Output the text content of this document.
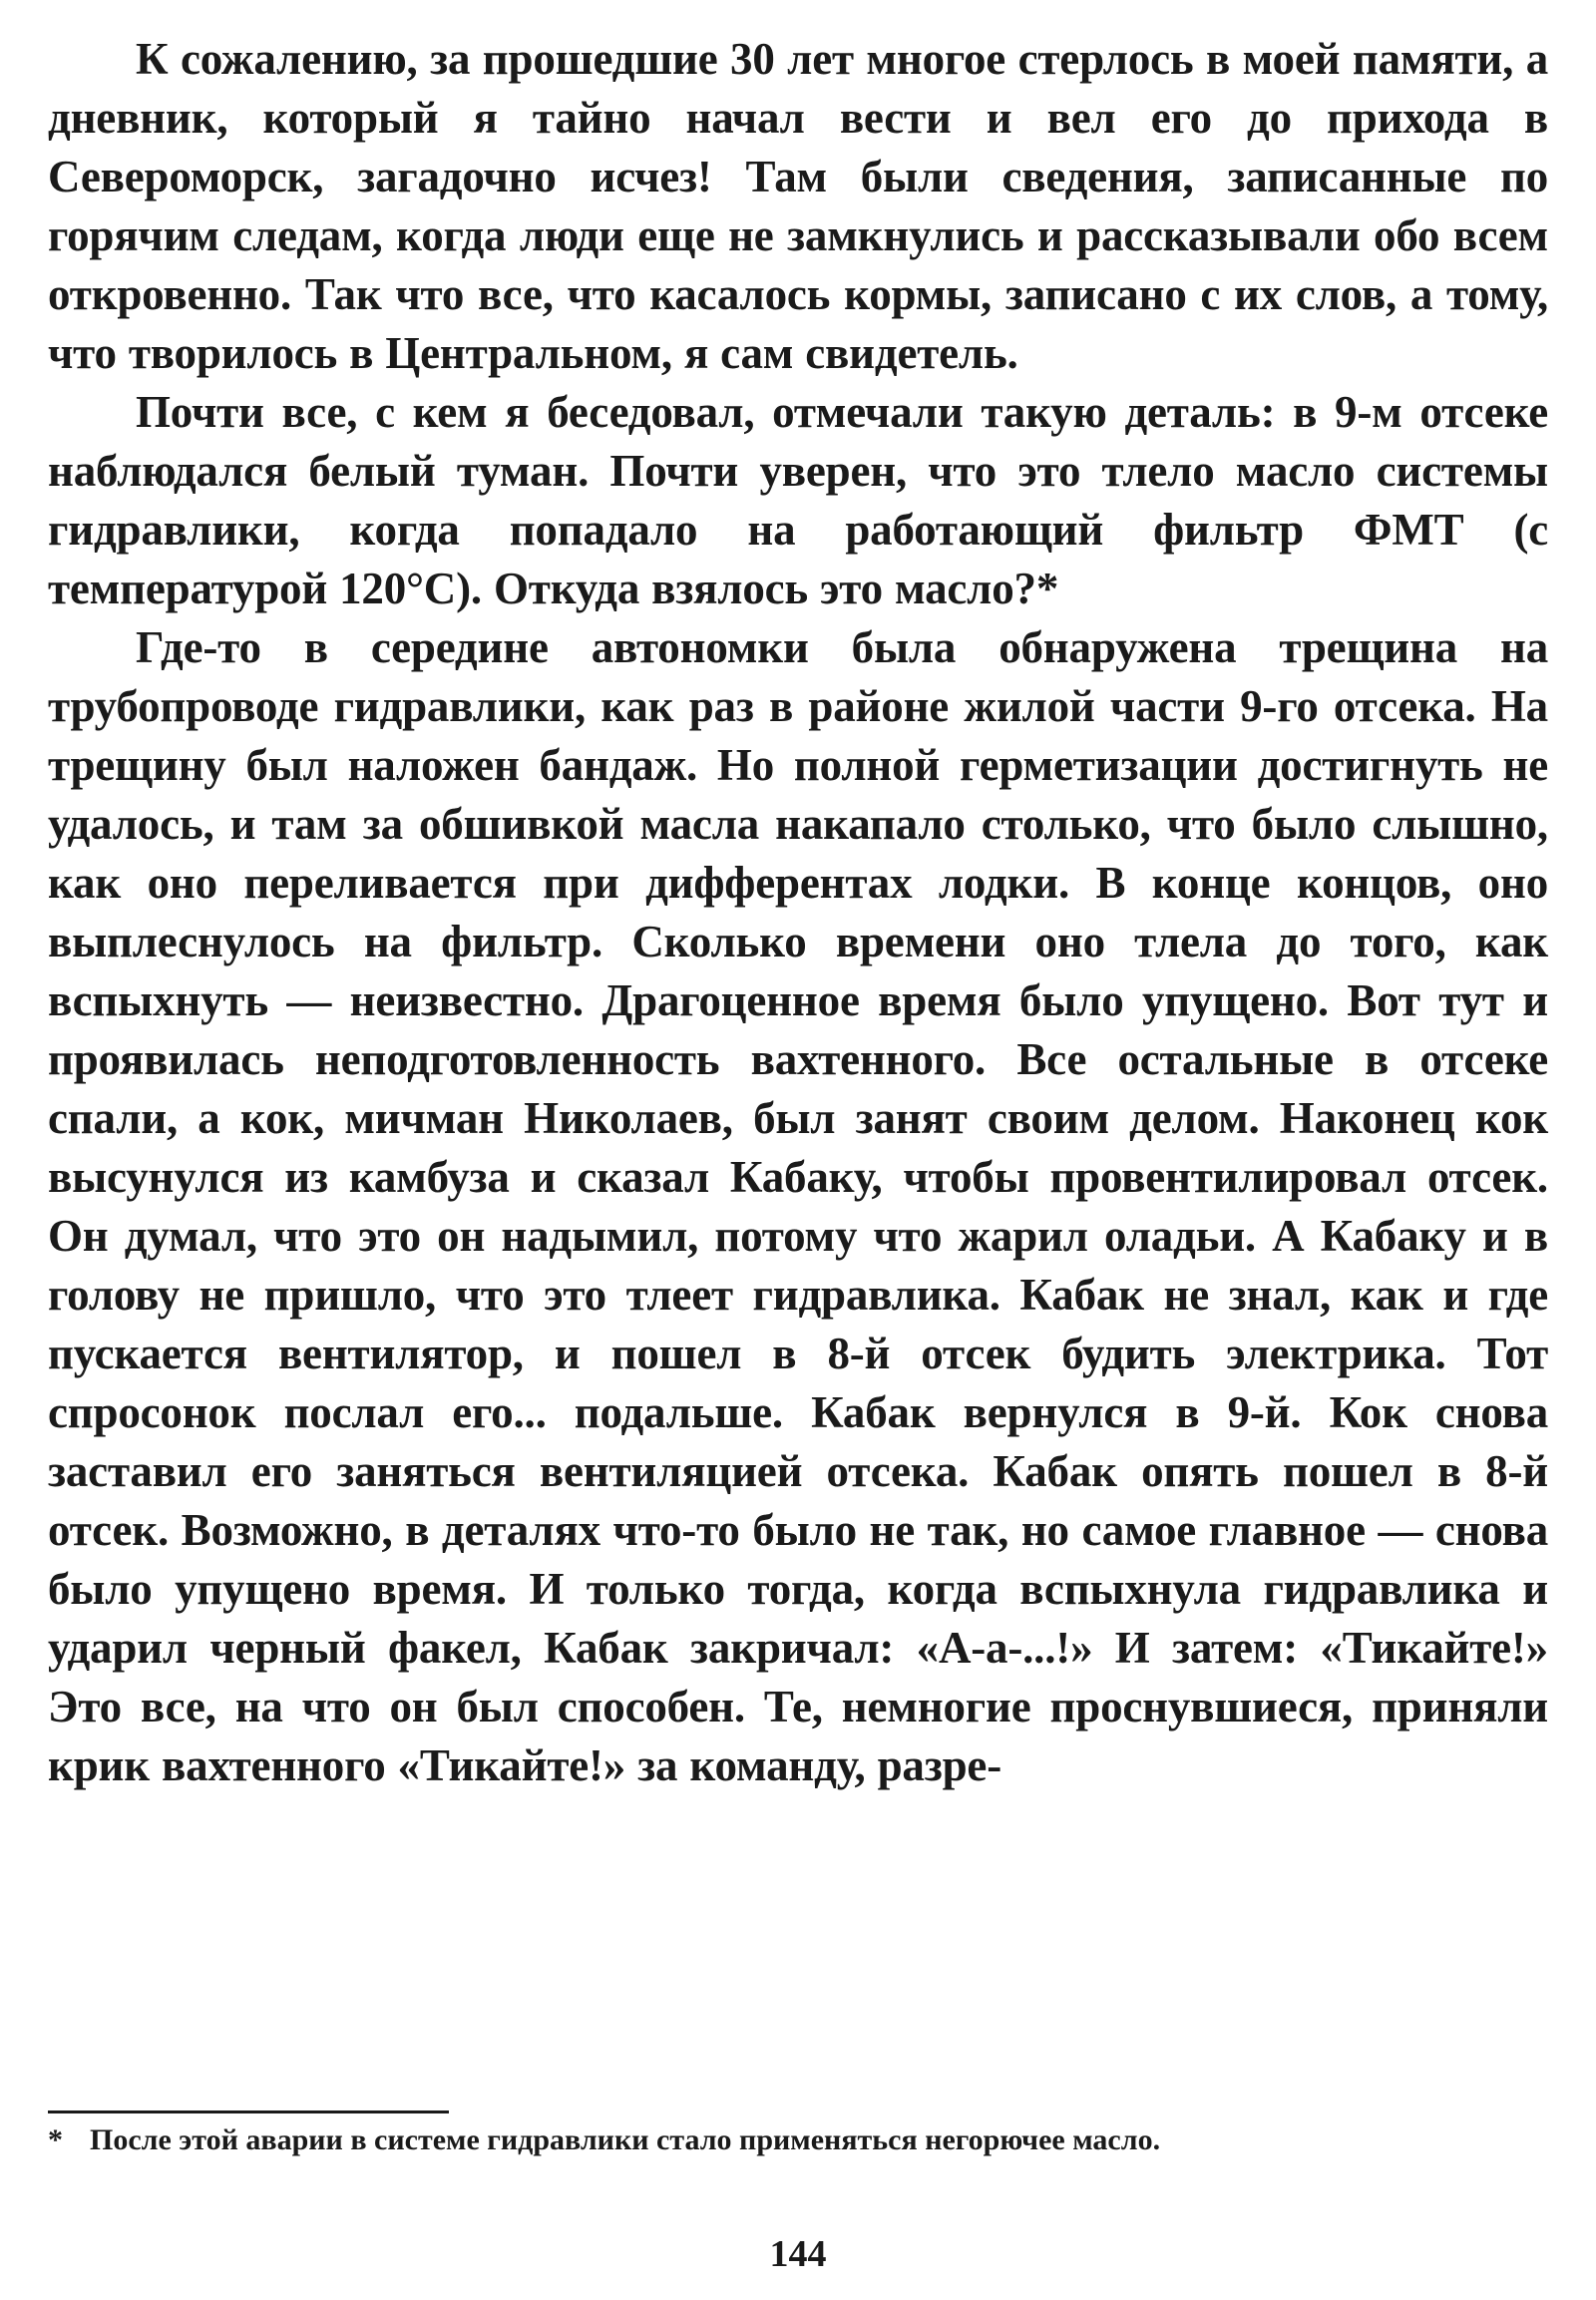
К сожалению, за прошедшие 30 лет многое стерлось в моей памяти, а дневник, который я тайно начал вести и вел его до прихода в Североморск, загадочно исчез! Там были сведения, записанные по горячим следам, когда люди еще не замкнулись и рассказывали обо всем откровенно. Так что все, что касалось кормы, записано с их слов, а тому, что творилось в Центральном, я сам свидетель.

Почти все, с кем я беседовал, отмечали такую деталь: в 9-м отсеке наблюдался белый туман. Почти уверен, что это тлело масло системы гидравлики, когда попадало на работающий фильтр ФМТ (с температурой 120°С). Откуда взялось это масло?*

Где-то в середине автономки была обнаружена трещина на трубопроводе гидравлики, как раз в районе жилой части 9-го отсека. На трещину был наложен бандаж. Но полной герметизации достигнуть не удалось, и там за обшивкой масла накапало столько, что было слышно, как оно переливается при дифферентах лодки. В конце концов, оно выплеснулось на фильтр. Сколько времени оно тлела до того, как вспыхнуть — неизвестно. Драгоценное время было упущено. Вот тут и проявилась неподготовленность вахтенного. Все остальные в отсеке спали, а кок, мичман Николаев, был занят своим делом. Наконец кок высунулся из камбуза и сказал Кабаку, чтобы провентилировал отсек. Он думал, что это он надымил, потому что жарил оладьи. А Кабаку и в голову не пришло, что это тлеет гидравлика. Кабак не знал, как и где пускается вентилятор, и пошел в 8-й отсек будить электрика. Тот спросонок послал его... подальше. Кабак вернулся в 9-й. Кок снова заставил его заняться вентиляцией отсека. Кабак опять пошел в 8-й отсек. Возможно, в деталях что-то было не так, но самое главное — снова было упущено время. И только тогда, когда вспыхнула гидравлика и ударил черный факел, Кабак закричал: «А-а-...!» И затем: «Тикайте!» Это все, на что он был способен. Те, немногие проснувшиеся, приняли крик вахтенного «Тикайте!» за команду, разре-

* После этой аварии в системе гидравлики стало применяться негорючее масло.

144
